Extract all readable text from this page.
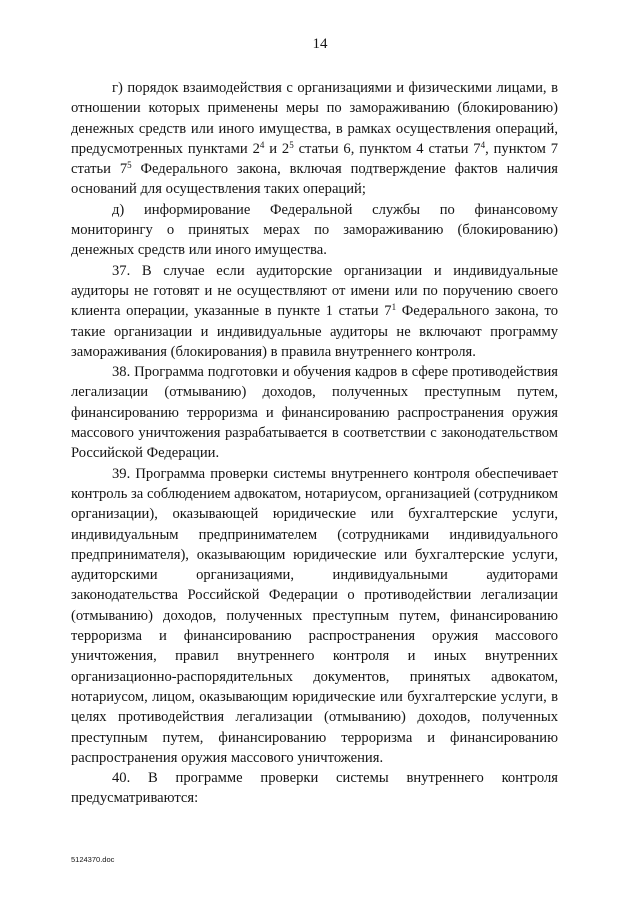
14

г) порядок взаимодействия с организациями и физическими лицами, в отношении которых применены меры по замораживанию (блокированию) денежных средств или иного имущества, в рамках осуществления операций, предусмотренных пунктами $2^4$ и $2^5$ статьи 6, пунктом 4 статьи $7^4$, пунктом 7 статьи $7^5$ Федерального закона, включая подтверждение фактов наличия оснований для осуществления таких операций;

д) информирование Федеральной службы по финансовому мониторингу о принятых мерах по замораживанию (блокированию) денежных средств или иного имущества.

37. В случае если аудиторские организации и индивидуальные аудиторы не готовят и не осуществляют от имени или по поручению своего клиента операции, указанные в пункте 1 статьи $7^1$ Федерального закона, то такие организации и индивидуальные аудиторы не включают программу замораживания (блокирования) в правила внутреннего контроля.

38. Программа подготовки и обучения кадров в сфере противодействия легализации (отмыванию) доходов, полученных преступным путем, финансированию терроризма и финансированию распространения оружия массового уничтожения разрабатывается в соответствии с законодательством Российской Федерации.

39. Программа проверки системы внутреннего контроля обеспечивает контроль за соблюдением адвокатом, нотариусом, организацией (сотрудником организации), оказывающей юридические или бухгалтерские услуги, индивидуальным предпринимателем (сотрудниками индивидуального предпринимателя), оказывающим юридические или бухгалтерские услуги, аудиторскими организациями, индивидуальными аудиторами законодательства Российской Федерации о противодействии легализации (отмыванию) доходов, полученных преступным путем, финансированию терроризма и финансированию распространения оружия массового уничтожения, правил внутреннего контроля и иных внутренних организационно-распорядительных документов, принятых адвокатом, нотариусом, лицом, оказывающим юридические или бухгалтерские услуги, в целях противодействия легализации (отмыванию) доходов, полученных преступным путем, финансированию терроризма и финансированию распространения оружия массового уничтожения.

40. В программе проверки системы внутреннего контроля предусматриваются:

5124370.doc
